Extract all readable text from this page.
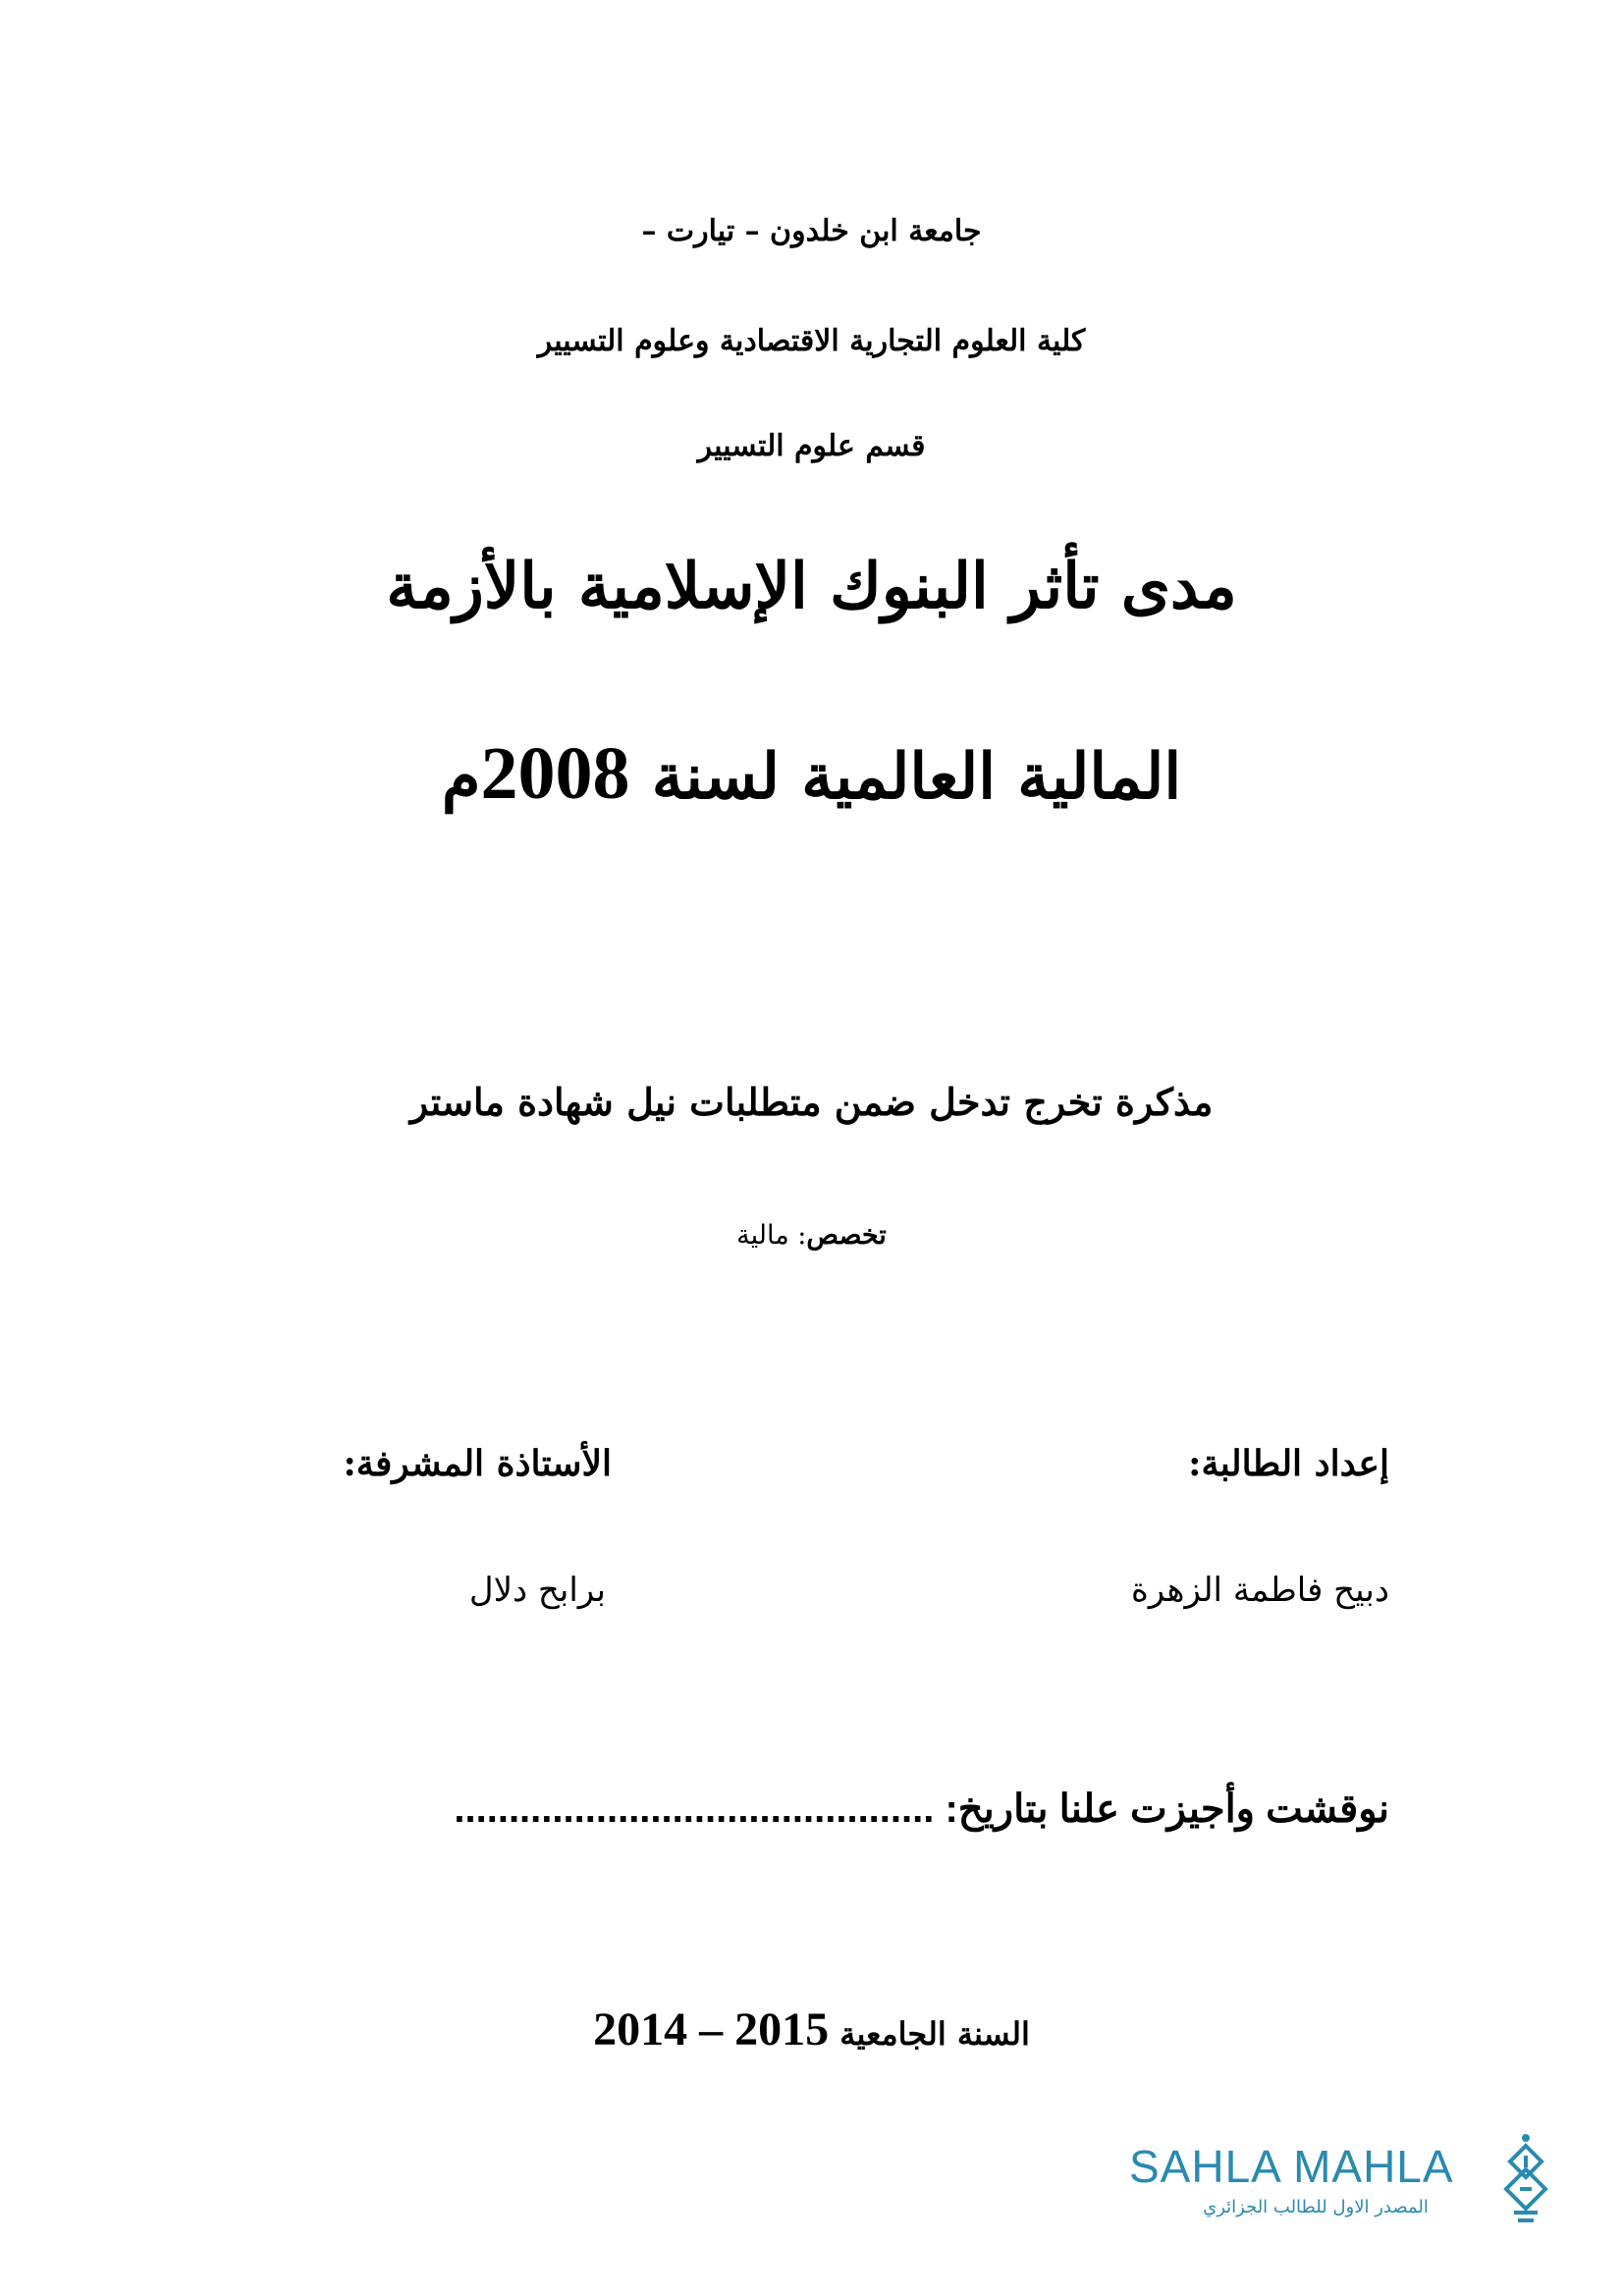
جامعة ابن خلدون – تيارت –
كلية العلوم التجارية الاقتصادية وعلوم التسيير
قسم علوم التسيير
مدى تأثر البنوك الإسلامية بالأزمة
المالية العالمية لسنة 2008م
مذكرة تخرج تدخل ضمن متطلبات نيل شهادة ماستر
تخصص: مالية
إعداد الطالبة:
الأستاذة المشرفة:
دبيح فاطمة الزهرة
برابح دلال
نوقشت وأجيزت علنا بتاريخ: ............................................
السنة الجامعية 2014 – 2015
SAHLA MAHLA
المصدر الاول للطالب الجزائري
